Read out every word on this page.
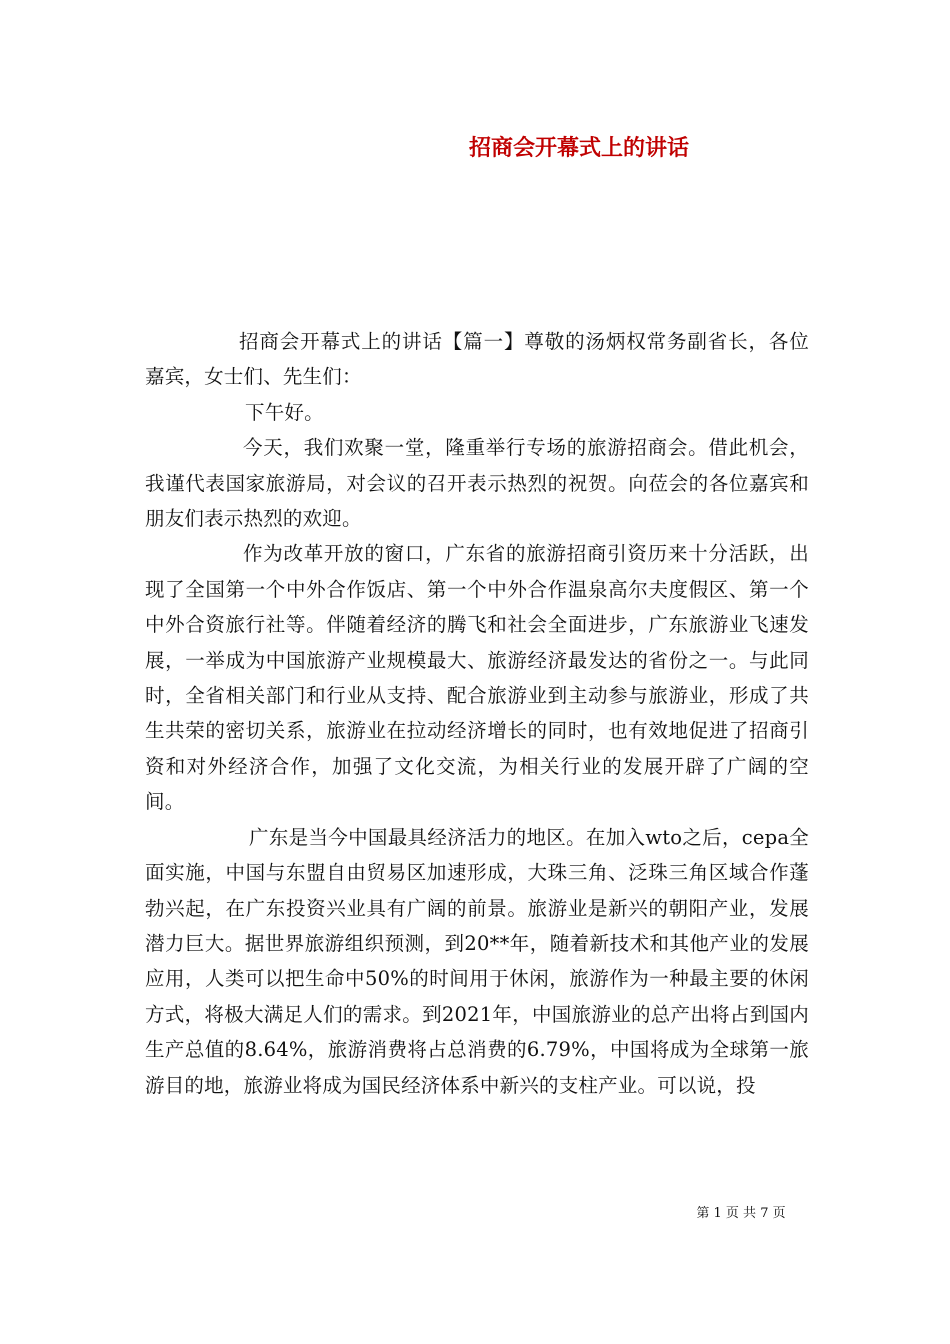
招商会开幕式上的讲话

招商会开幕式上的讲话【篇一】尊敬的汤炳权常务副省长，各位嘉宾，女士们、先生们：

下午好。

今天，我们欢聚一堂，隆重举行专场的旅游招商会。借此机会，我谨代表国家旅游局，对会议的召开表示热烈的祝贺。向莅会的各位嘉宾和朋友们表示热烈的欢迎。

作为改革开放的窗口，广东省的旅游招商引资历来十分活跃，出现了全国第一个中外合作饭店、第一个中外合作温泉高尔夫度假区、第一个中外合资旅行社等。伴随着经济的腾飞和社会全面进步，广东旅游业飞速发展，一举成为中国旅游产业规模最大、旅游经济最发达的省份之一。与此同时，全省相关部门和行业从支持、配合旅游业到主动参与旅游业，形成了共生共荣的密切关系，旅游业在拉动经济增长的同时，也有效地促进了招商引资和对外经济合作，加强了文化交流，为相关行业的发展开辟了广阔的空间。

广东是当今中国最具经济活力的地区。在加入wto之后，cepa全面实施，中国与东盟自由贸易区加速形成，大珠三角、泛珠三角区域合作蓬勃兴起，在广东投资兴业具有广阔的前景。旅游业是新兴的朝阳产业，发展潜力巨大。据世界旅游组织预测，到20**年，随着新技术和其他产业的发展应用，人类可以把生命中50%的时间用于休闲，旅游作为一种最主要的休闲方式，将极大满足人们的需求。到2021年，中国旅游业的总产出将占到国内生产总值的8.64%，旅游消费将占总消费的6.79%，中国将成为全球第一旅游目的地，旅游业将成为国民经济体系中新兴的支柱产业。可以说，投

第 1 页 共 7 页
